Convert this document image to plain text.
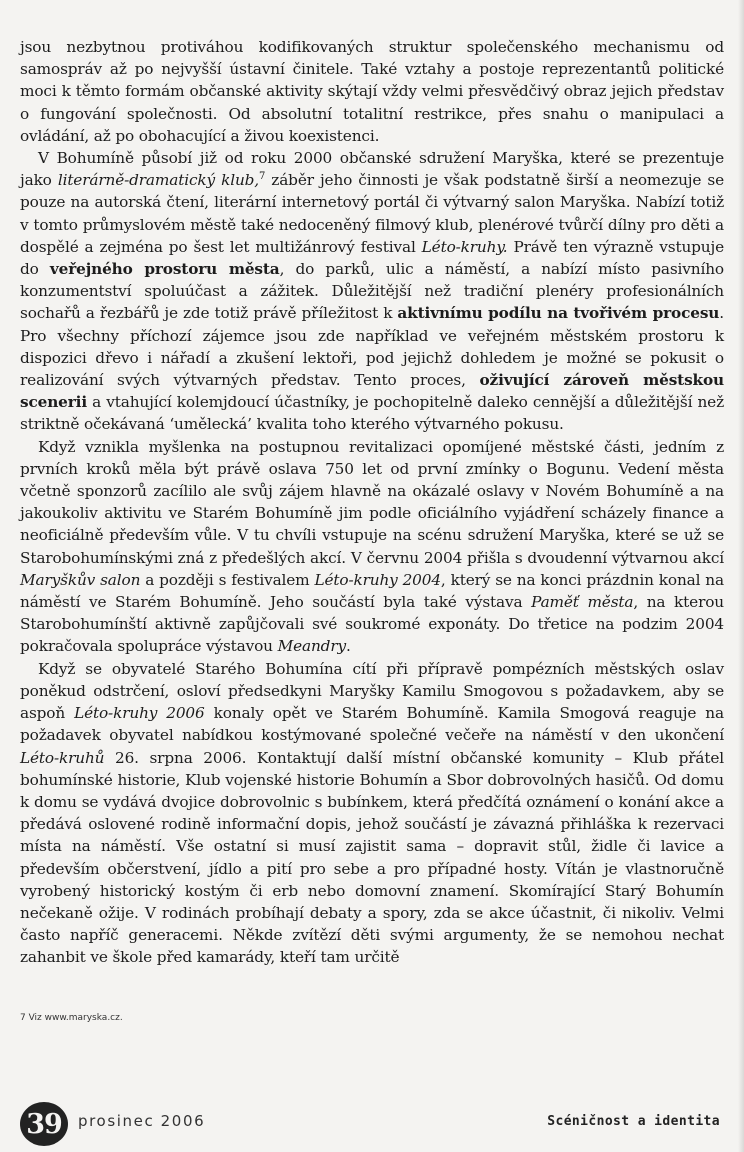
jsou nezbytnou protiváhou kodifikovaných struktur společenského mechanismu od samospráv až po nejvyšší ústavní činitele. Také vztahy a postoje reprezentantů politické moci k těmto formám občanské aktivity skýtají vždy velmi přesvědčivý obraz jejich představ o fungování společnosti. Od absolutní totalitní restrikce, přes snahu o manipulaci a ovládání, až po obohacující a živou koexistenci.

V Bohumíně působí již od roku 2000 občanské sdružení Maryška, které se prezentuje jako literárně-dramatický klub,$^7$ záběr jeho činnosti je však podstatně širší a neomezuje se pouze na autorská čtení, literární internetový portál či výtvarný salon Maryška. Nabízí totiž v tomto průmyslovém městě také nedoceněný filmový klub, plenérové tvůrčí dílny pro děti a dospělé a zejména po šest let multižánrový festival Léto-kruhy. Právě ten výrazně vstupuje do veřejného prostoru města, do parků, ulic a náměstí, a nabízí místo pasivního konzumentství spoluúčast a zážitek. Důležitější než tradiční plenéry profesionálních sochařů a řezbářů je zde totiž právě příležitost k aktivnímu podílu na tvořivém procesu. Pro všechny příchozí zájemce jsou zde například ve veřejném městském prostoru k dispozici dřevo i nářadí a zkušení lektoři, pod jejichž dohledem je možné se pokusit o realizování svých výtvarných představ. Tento proces, oživující zároveň městskou scenerii a vtahující kolemjdoucí účastníky, je pochopitelně daleko cennější a důležitější než striktně očekávaná ‘umělecká’ kvalita toho kterého výtvarného pokusu.

Když vznikla myšlenka na postupnou revitalizaci opomíjené městské části, jedním z prvních kroků měla být právě oslava 750 let od první zmínky o Bogunu. Vedení města včetně sponzorů zacílilo ale svůj zájem hlavně na okázalé oslavy v Novém Bohumíně a na jakoukoliv aktivitu ve Starém Bohumíně jim podle oficiálního vyjádření scházely finance a neoficiálně především vůle. V tu chvíli vstupuje na scénu sdružení Maryška, které se už se Starobohumínskými zná z předešlých akcí. V červnu 2004 přišla s dvoudenní výtvarnou akcí Maryškův salon a později s festivalem Léto-kruhy 2004, který se na konci prázdnin konal na náměstí ve Starém Bohumíně. Jeho součástí byla také výstava Paměť města, na kterou Starobohumínští aktivně zapůjčovali své soukromé exponáty. Do třetice na podzim 2004 pokračovala spolupráce výstavou Meandry.

Když se obyvatelé Starého Bohumína cítí při přípravě pompézních městských oslav poněkud odstrčení, osloví předsedkyni Maryšky Kamilu Smogovou s požadavkem, aby se aspoň Léto-kruhy 2006 konaly opět ve Starém Bohumíně. Kamila Smogová reaguje na požadavek obyvatel nabídkou kostýmované společné večeře na náměstí v den ukončení Léto-kruhů 26. srpna 2006. Kontaktují další místní občanské komunity – Klub přátel bohumínské historie, Klub vojenské historie Bohumín a Sbor dobrovolných hasičů. Od domu k domu se vydává dvojice dobrovolnic s bubínkem, která předčítá oznámení o konání akce a předává oslovené rodině informační dopis, jehož součástí je závazná přihláška k rezervaci místa na náměstí. Vše ostatní si musí zajistit sama – dopravit stůl, židle či lavice a především občerstvení, jídlo a pití pro sebe a pro případné hosty. Vítán je vlastnoručně vyrobený historický kostým či erb nebo domovní znamení. Skomírající Starý Bohumín nečekaně ožije. V rodinách probíhají debaty a spory, zda se akce účastnit, či nikoliv. Velmi často napříč generacemi. Někde zvítězí děti svými argumenty, že se nemohou nechat zahanbit ve škole před kamarády, kteří tam určitě

7 Viz www.maryska.cz.
39 prosinec 2006	Scéničnost a identita
